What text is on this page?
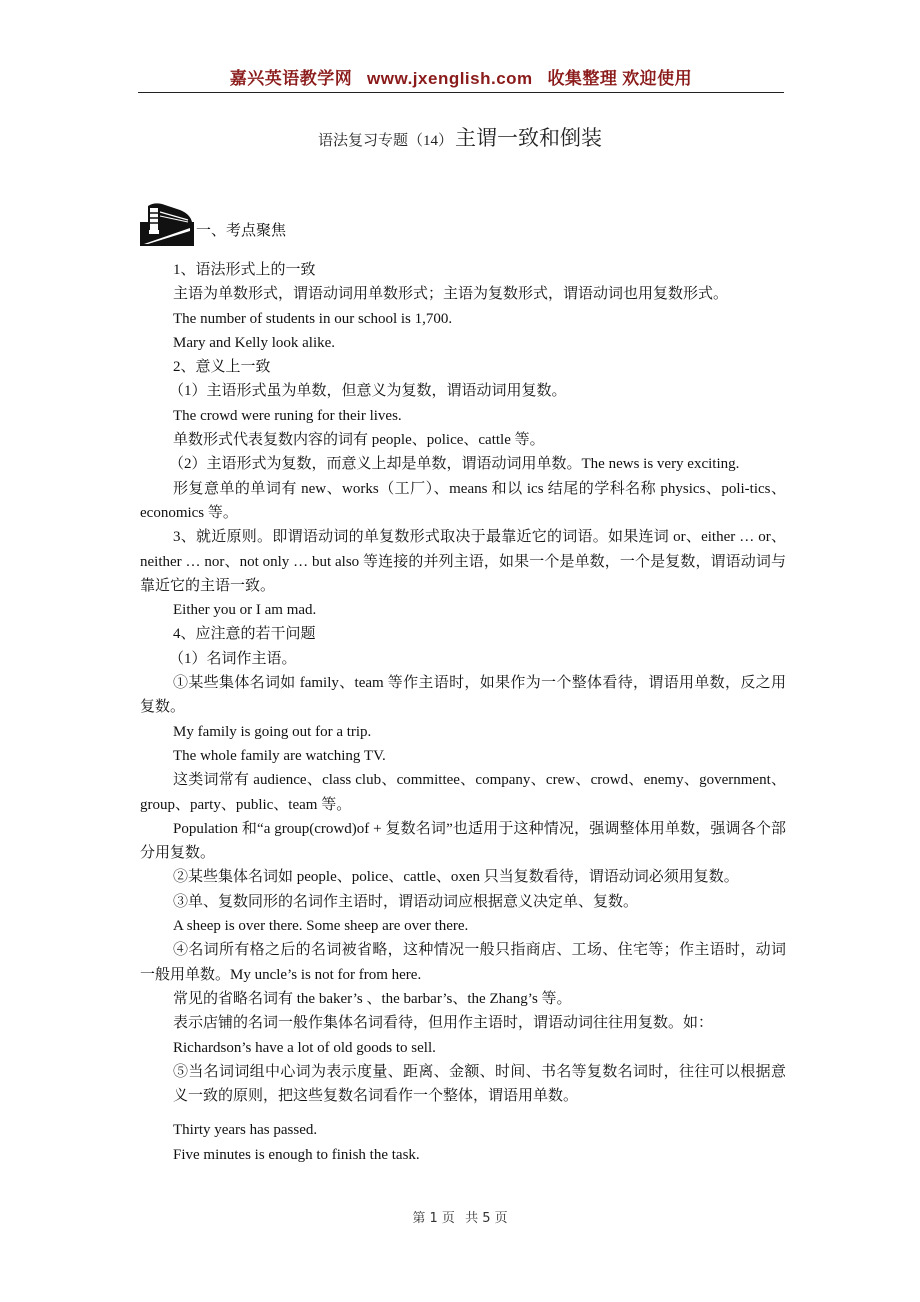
嘉兴英语教学网 www.jxenglish.com 收集整理 欢迎使用
语法复习专题（14）主谓一致和倒装
一、考点聚焦

1、语法形式上的一致

主语为单数形式，谓语动词用单数形式；主语为复数形式，谓语动词也用复数形式。

The number of students in our school is 1,700.

Mary and Kelly look alike.

2、意义上一致

（1）主语形式虽为单数，但意义为复数，谓语动词用复数。

The crowd were runing for their lives.

单数形式代表复数内容的词有 people、police、cattle 等。

（2）主语形式为复数，而意义上却是单数，谓语动词用单数。The news is very exciting.

形复意单的单词有 new、works（工厂）、means 和以 ics 结尾的学科名称 physics、poli-tics、economics 等。

3、就近原则。即谓语动词的单复数形式取决于最靠近它的词语。如果连词 or、either … or、neither … nor、not only … but also 等连接的并列主语，如果一个是单数，一个是复数，谓语动词与靠近它的主语一致。

Either you or I am mad.

4、应注意的若干问题

（1）名词作主语。

①某些集体名词如 family、team 等作主语时，如果作为一个整体看待，谓语用单数，反之用复数。

My family is going out for a trip.

The whole family are watching TV.

这类词常有 audience、class club、committee、company、crew、crowd、enemy、government、group、party、public、team 等。

Population 和“a group(crowd)of + 复数名词”也适用于这种情况，强调整体用单数，强调各个部分用复数。

②某些集体名词如 people、police、cattle、oxen 只当复数看待，谓语动词必须用复数。

③单、复数同形的名词作主语时，谓语动词应根据意义决定单、复数。

A sheep is over there. Some sheep are over there.

④名词所有格之后的名词被省略，这种情况一般只指商店、工场、住宅等；作主语时，动词一般用单数。My uncle’s is not for from here.

常见的省略名词有 the baker’s 、the barbar’s、the Zhang’s 等。

表示店铺的名词一般作集体名词看待，但用作主语时，谓语动词往往用复数。如：

Richardson’s have a lot of old goods to sell.

⑤当名词词组中心词为表示度量、距离、金额、时间、书名等复数名词时，往往可以根据意义一致的原则，把这些复数名词看作一个整体，谓语用单数。

Thirty years has passed.

Five minutes is enough to finish the task.

第 1 页 共 5 页
